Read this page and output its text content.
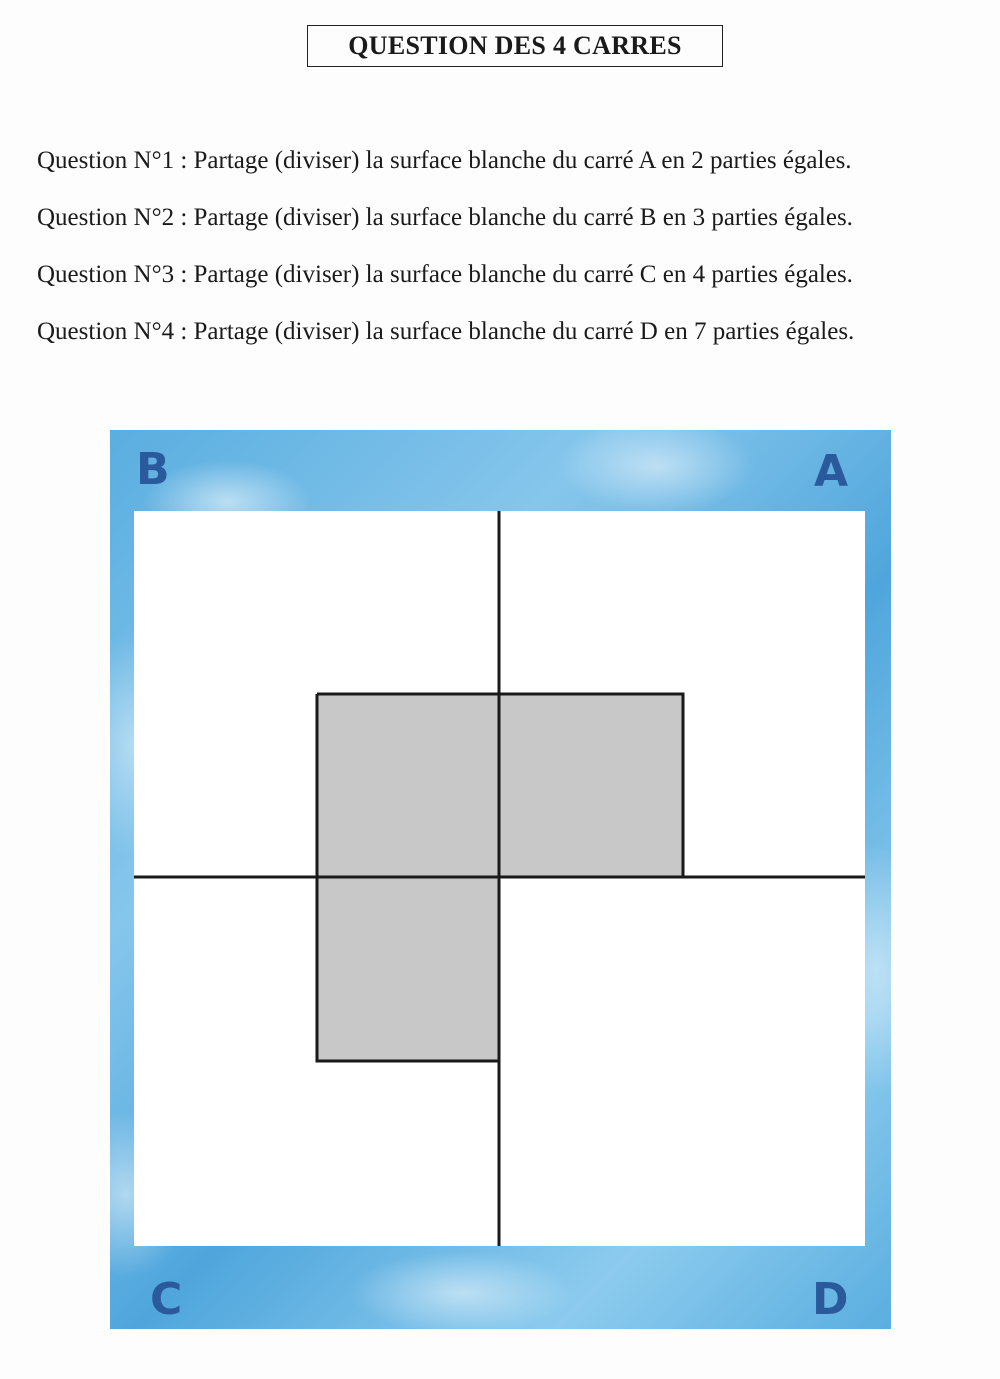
QUESTION DES 4 CARRES
Question N°1 : Partage (diviser) la surface blanche du carré A en 2 parties égales.
Question N°2 : Partage (diviser) la surface blanche du carré B en 3 parties égales.
Question N°3 : Partage (diviser) la surface blanche du carré C en 4 parties égales.
Question N°4 : Partage (diviser) la surface blanche du carré D en 7 parties égales.
B	A
C	D
